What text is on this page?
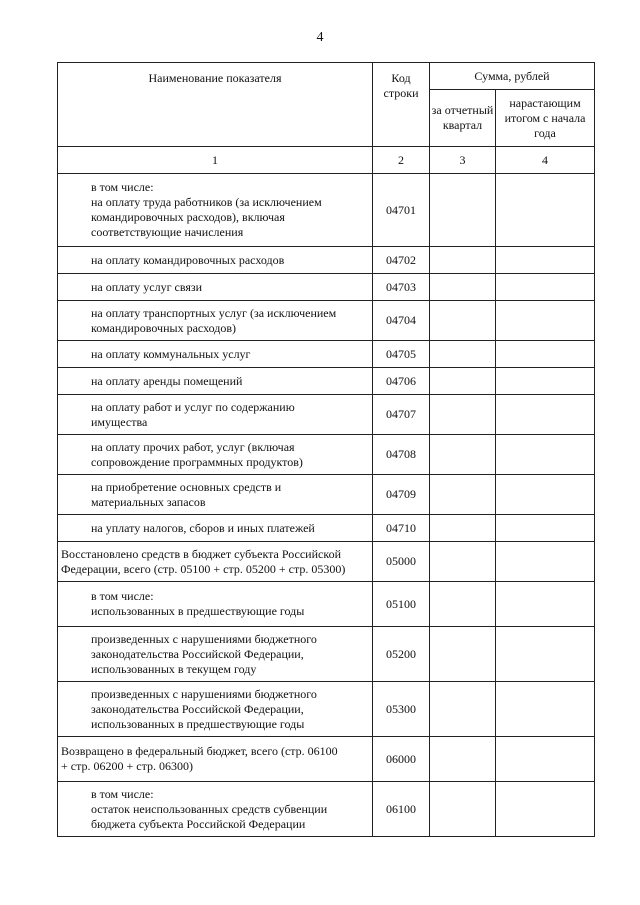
4
Наименование показателя	Код строки	Сумма, рублей	
		за отчетный квартал	нарастающим итогом с начала года
1	2	3	4

в том числе:
на оплату труда работников (за исключением
командировочных расходов), включая
соответствующие начисления	04701		

на оплату командировочных расходов	04702		

на оплату услуг связи	04703		

на оплату транспортных услуг (за исключением
командировочных расходов)	04704		

на оплату коммунальных услуг	04705		

на оплату аренды помещений	04706		

на оплату работ и услуг по содержанию
имущества	04707		

на оплату прочих работ, услуг (включая
сопровождение программных продуктов)	04708		

на приобретение основных средств и
материальных запасов	04709		

на уплату налогов, сборов и иных платежей	04710		

Восстановлено средств в бюджет субъекта Российской
Федерации, всего (стр. 05100 + стр. 05200 + стр. 05300)	05000		

в том числе:
использованных в предшествующие годы	05100		

произведенных с нарушениями бюджетного
законодательства Российской Федерации,
использованных в текущем году	05200		

произведенных с нарушениями бюджетного
законодательства Российской Федерации,
использованных в предшествующие годы	05300		

Возвращено в федеральный бюджет, всего (стр. 06100
+ стр. 06200 + стр. 06300)	06000		

в том числе:
остаток неиспользованных средств субвенции
бюджета субъекта Российской Федерации	06100		
